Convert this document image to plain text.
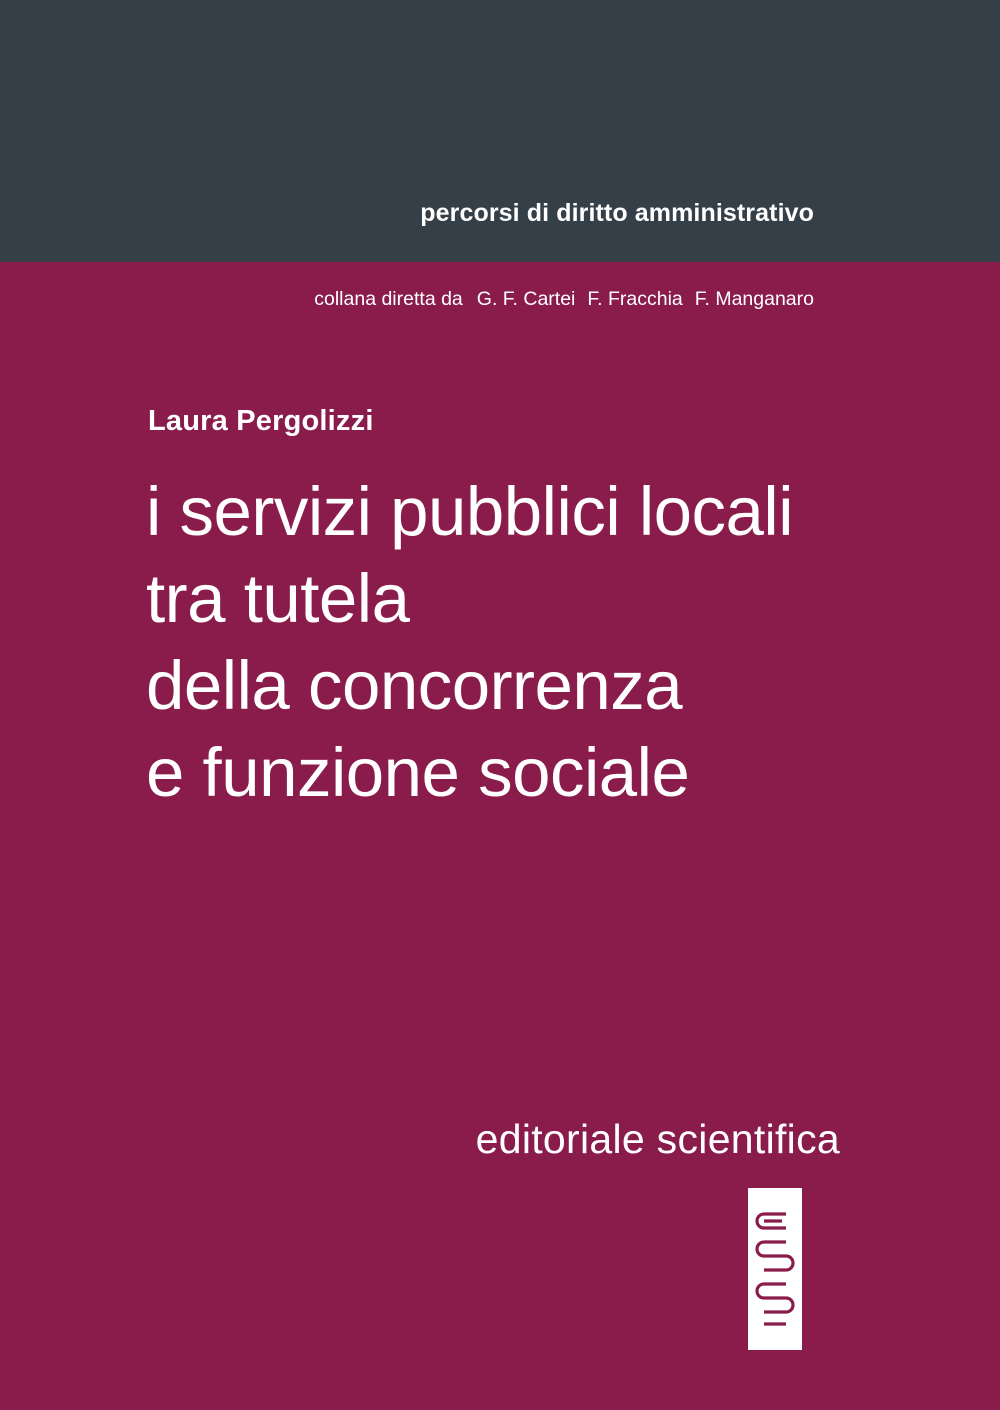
percorsi di diritto amministrativo
collana diretta da G. F. Cartei F. Fracchia F. Manganaro
Laura Pergolizzi
i servizi pubblici locali
tra tutela
della concorrenza
e funzione sociale
editoriale scientifica
